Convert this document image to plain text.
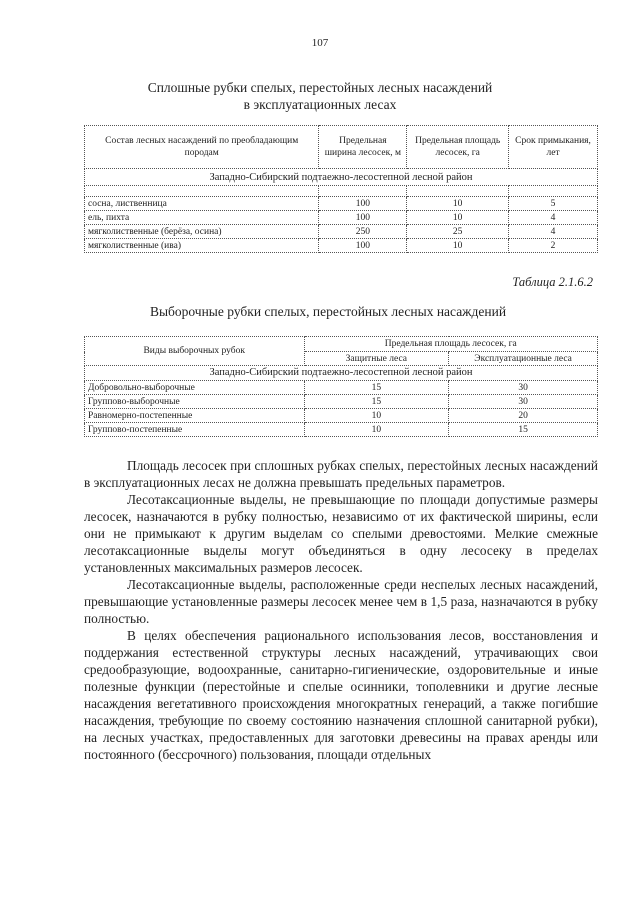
107
Сплошные рубки спелых, перестойных лесных насаждений
в эксплуатационных лесах
Состав лесных насаждений по преобладающим породам	Предельная ширина лесосек, м	Предельная площадь лесосек, га	Срок примыкания, лет
Западно-Сибирский подтаежно-лесостепной лесной район			

сосна, лиственница	100	10	5
ель, пихта	100	10	4
мягколиственные (берёза, осина)	250	25	4
мягколиственные (ива)	100	10	2
Таблица 2.1.6.2
Выборочные рубки спелых, перестойных лесных насаждений
Виды выборочных рубок	Предельная площадь лесосек, га	
	Защитные леса	Эксплуатационные леса
Западно-Сибирский подтаежно-лесостепной лесной район		
Добровольно-выборочные	15	30
Группово-выборочные	15	30
Равномерно-постепенные	10	20
Группово-постепенные	10	15

Площадь лесосек при сплошных рубках спелых, перестойных лесных насаждений в эксплуатационных лесах не должна превышать предельных параметров.

Лесотаксационные выделы, не превышающие по площади допустимые размеры лесосек, назначаются в рубку полностью, независимо от их фактической ширины, если они не примыкают к другим выделам со спелыми древостоями. Мелкие смежные лесотаксационные выделы могут объединяться в одну лесосеку в пределах установленных максимальных размеров лесосек.

Лесотаксационные выделы, расположенные среди неспелых лесных насаждений, превышающие установленные размеры лесосек менее чем в 1,5 раза, назначаются в рубку полностью.

В целях обеспечения рационального использования лесов, восстановления и поддержания естественной структуры лесных насаждений, утрачивающих свои средообразующие, водоохранные, санитарно-гигиенические, оздоровительные и иные полезные функции (перестойные и спелые осинники, тополевники и другие лесные насаждения вегетативного происхождения многократных генераций, а также погибшие насаждения, требующие по своему состоянию назначения сплошной санитарной рубки), на лесных участках, предоставленных для заготовки древесины на правах аренды или постоянного (бессрочного) пользования, площади отдельных
